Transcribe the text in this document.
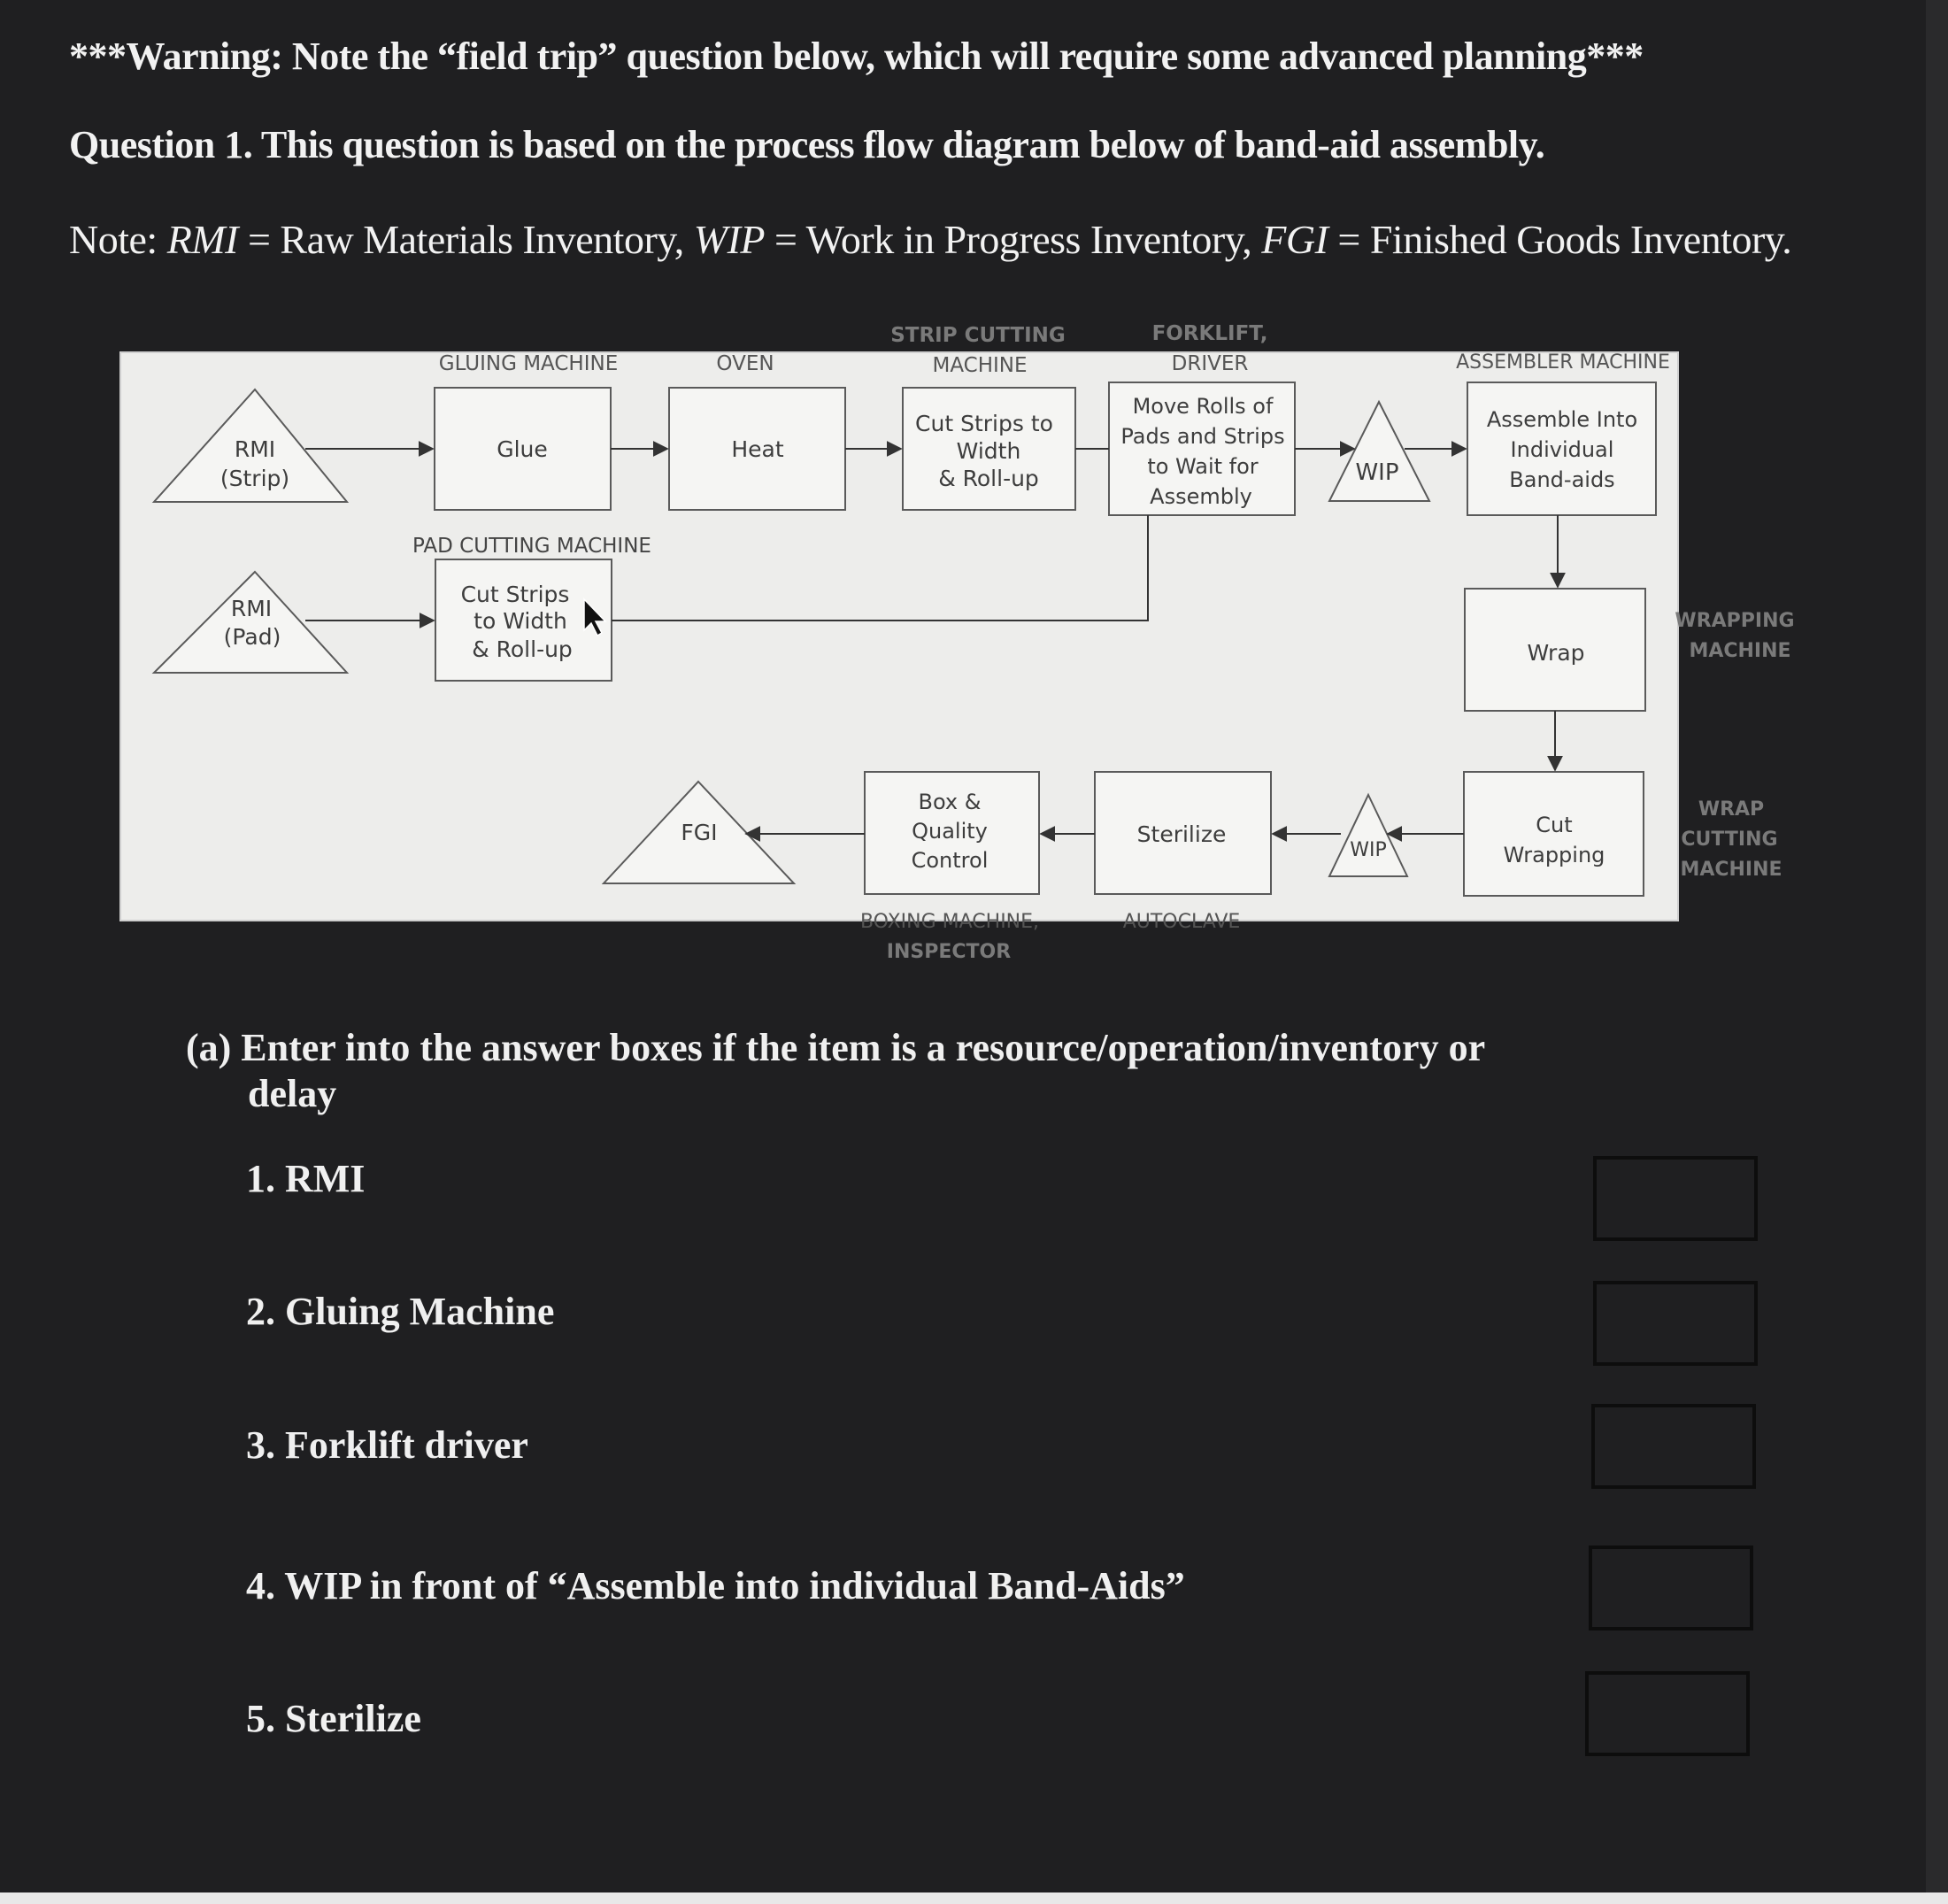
***Warning: Note the “field trip” question below, which will require some advanced planning***
Question 1. This question is based on the process flow diagram below of band-aid assembly.
Note: RMI = Raw Materials Inventory, WIP = Work in Progress Inventory, FGI = Finished Goods Inventory.
GLUING MACHINE	OVEN
STRIP CUTTING
MACHINE
FORKLIFT,
DRIVER	ASSEMBLER MACHINE
PAD CUTTING MACHINE
RMI
(Strip)
Glue	Heat
Cut Strips to
Width
& Roll-up
Move Rolls of
Pads and Strips
to Wait for
Assembly
WIP
Assemble Into
Individual
Band-aids
RMI
(Pad)
Cut Strips
to Width
& Roll-up	Wrap
Cut
Wrapping
WIP
Sterilize
Box &
Quality
Control
FGI
WRAPPING
MACHINE
WRAP
CUTTING
MACHINE
BOXING MACHINE,
INSPECTOR
AUTOCLAVE
(a) Enter into the answer boxes if the item is a resource/operation/inventory or
delay
1. RMI
2. Gluing Machine
3. Forklift driver
4. WIP in front of “Assemble into individual Band-Aids”
5. Sterilize
